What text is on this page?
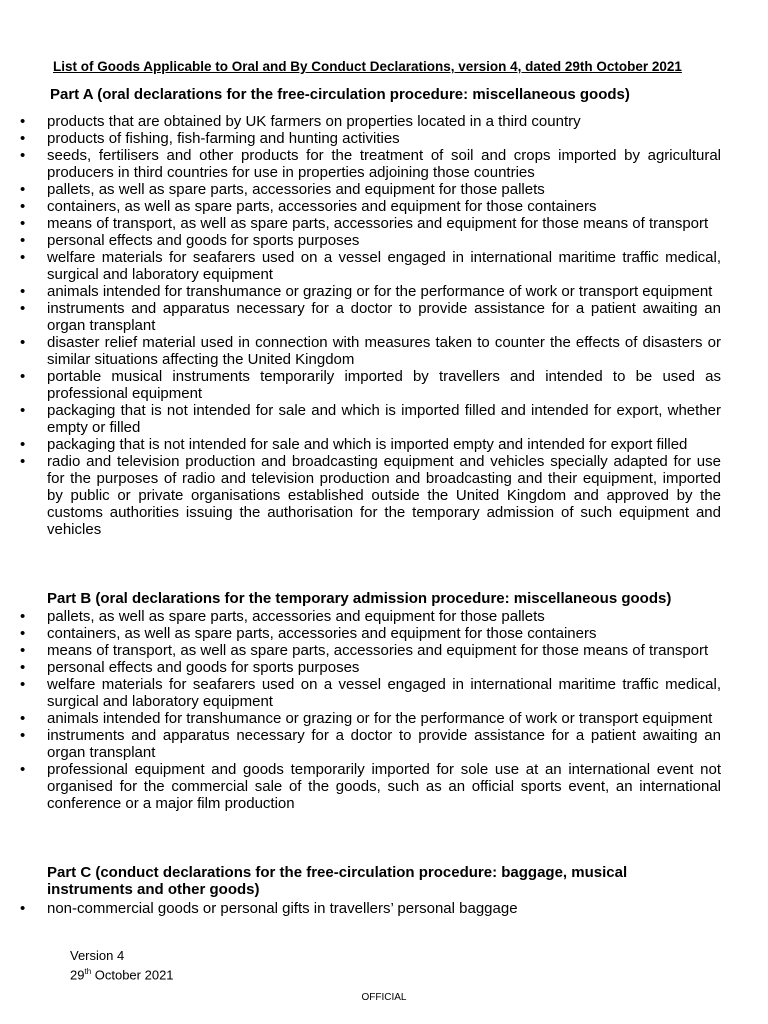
List of Goods Applicable to Oral and By Conduct Declarations, version 4, dated 29th October 2021
Part A (oral declarations for the free-circulation procedure: miscellaneous goods)
• products that are obtained by UK farmers on properties located in a third country
• products of fishing, fish-farming and hunting activities
• seeds, fertilisers and other products for the treatment of soil and crops imported by agricultural producers in third countries for use in properties adjoining those countries
• pallets, as well as spare parts, accessories and equipment for those pallets
• containers, as well as spare parts, accessories and equipment for those containers
• means of transport, as well as spare parts, accessories and equipment for those means of transport
• personal effects and goods for sports purposes
• welfare materials for seafarers used on a vessel engaged in international maritime traffic medical, surgical and laboratory equipment
• animals intended for transhumance or grazing or for the performance of work or transport equipment
• instruments and apparatus necessary for a doctor to provide assistance for a patient awaiting an organ transplant
• disaster relief material used in connection with measures taken to counter the effects of disasters or similar situations affecting the United Kingdom
• portable musical instruments temporarily imported by travellers and intended to be used as professional equipment
• packaging that is not intended for sale and which is imported filled and intended for export, whether empty or filled
• packaging that is not intended for sale and which is imported empty and intended for export filled
• radio and television production and broadcasting equipment and vehicles specially adapted for use for the purposes of radio and television production and broadcasting and their equipment, imported by public or private organisations established outside the United Kingdom and approved by the customs authorities issuing the authorisation for the temporary admission of such equipment and vehicles
Part B (oral declarations for the temporary admission procedure: miscellaneous goods)
• pallets, as well as spare parts, accessories and equipment for those pallets
• containers, as well as spare parts, accessories and equipment for those containers
• means of transport, as well as spare parts, accessories and equipment for those means of transport
• personal effects and goods for sports purposes
• welfare materials for seafarers used on a vessel engaged in international maritime traffic medical, surgical and laboratory equipment
• animals intended for transhumance or grazing or for the performance of work or transport equipment
• instruments and apparatus necessary for a doctor to provide assistance for a patient awaiting an organ transplant
• professional equipment and goods temporarily imported for sole use at an international event not organised for the commercial sale of the goods, such as an official sports event, an international conference or a major film production
Part C (conduct declarations for the free-circulation procedure: baggage, musical instruments and other goods)
• non-commercial goods or personal gifts in travellers’ personal baggage
Version 4
29th October 2021
OFFICIAL
